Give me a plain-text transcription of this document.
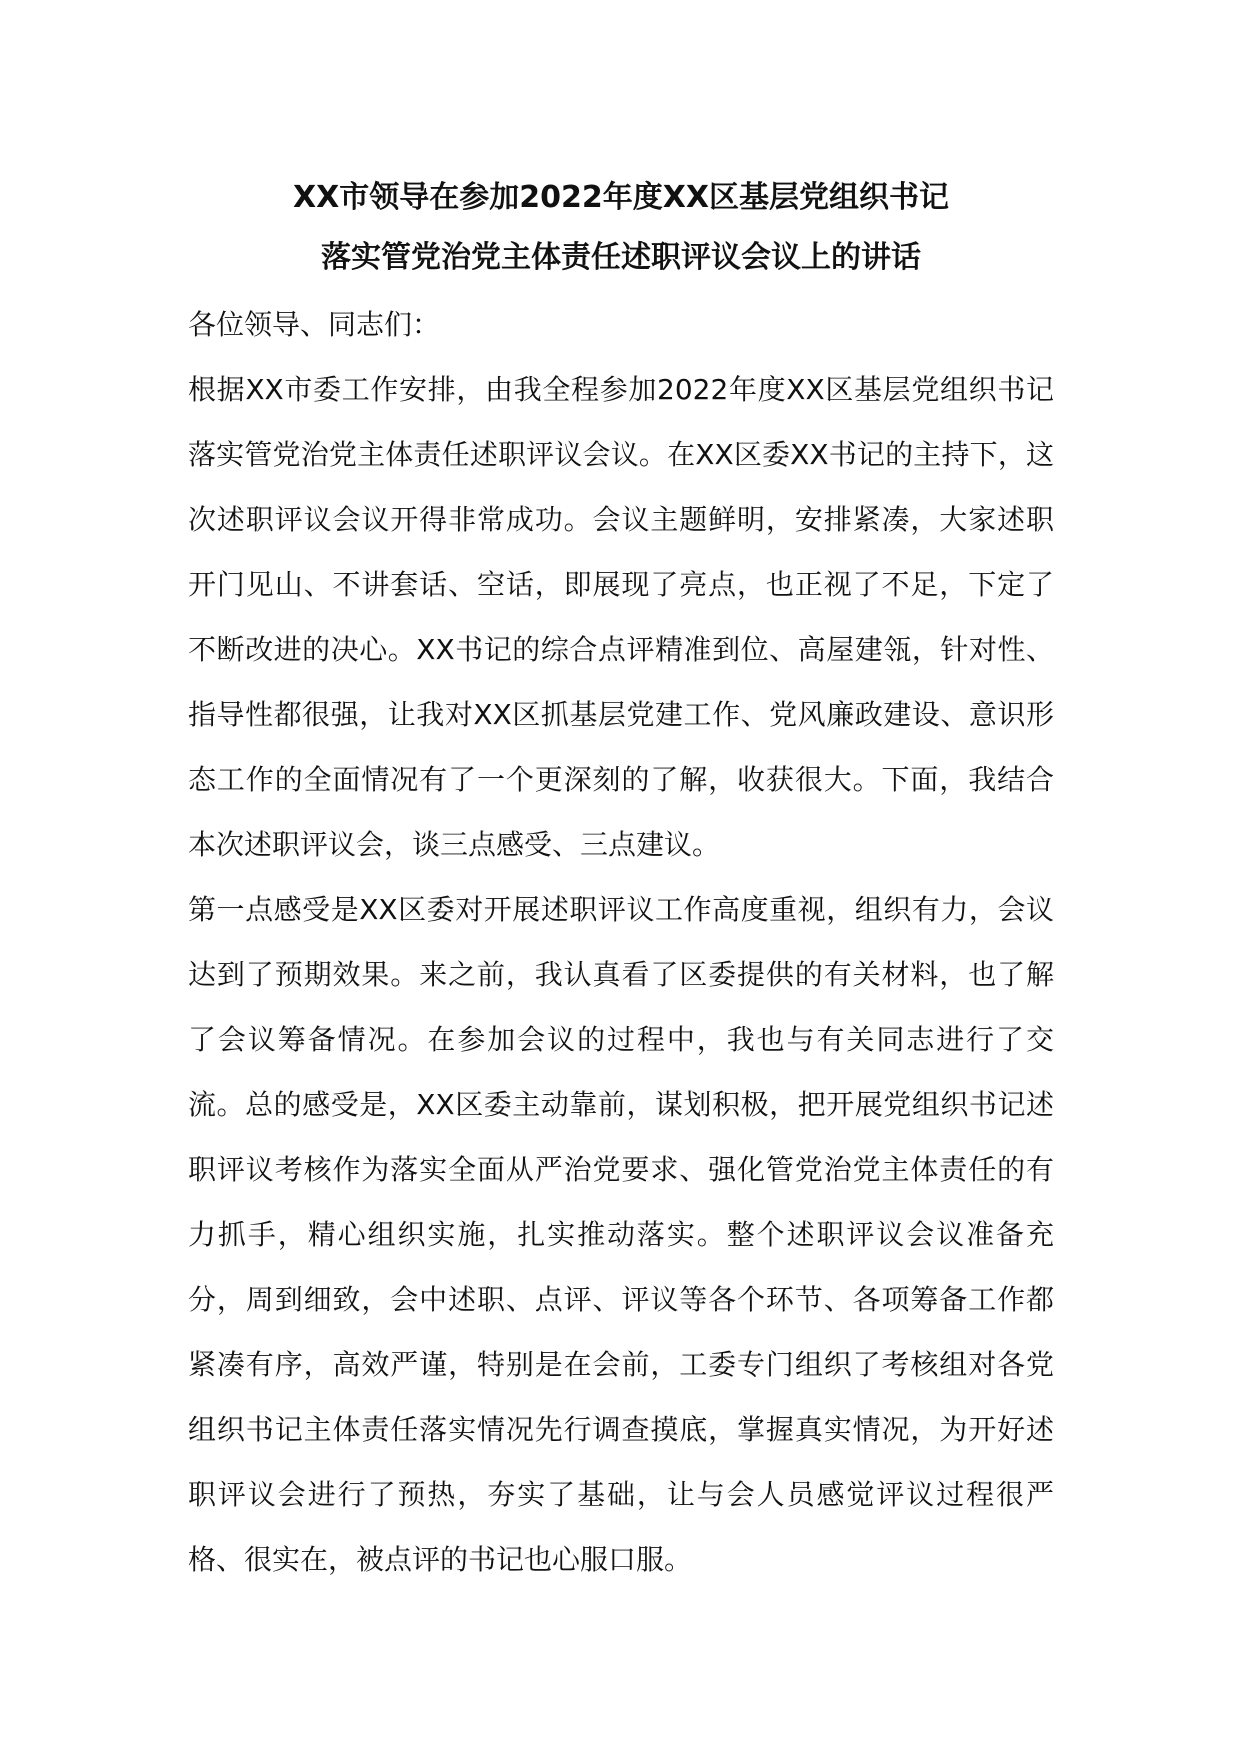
XX市领导在参加2022年度XX区基层党组织书记
落实管党治党主体责任述职评议会议上的讲话

各位领导、同志们：

根据XX市委工作安排，由我全程参加2022年度XX区基层党组织书记落实管党治党主体责任述职评议会议。在XX区委XX书记的主持下，这次述职评议会议开得非常成功。会议主题鲜明，安排紧凑，大家述职开门见山、不讲套话、空话，即展现了亮点，也正视了不足，下定了不断改进的决心。XX书记的综合点评精准到位、高屋建瓴，针对性、指导性都很强，让我对XX区抓基层党建工作、党风廉政建设、意识形态工作的全面情况有了一个更深刻的了解，收获很大。下面，我结合本次述职评议会，谈三点感受、三点建议。

第一点感受是XX区委对开展述职评议工作高度重视，组织有力，会议达到了预期效果。来之前，我认真看了区委提供的有关材料，也了解了会议筹备情况。在参加会议的过程中，我也与有关同志进行了交流。总的感受是，XX区委主动靠前，谋划积极，把开展党组织书记述职评议考核作为落实全面从严治党要求、强化管党治党主体责任的有力抓手，精心组织实施，扎实推动落实。整个述职评议会议准备充分，周到细致，会中述职、点评、评议等各个环节、各项筹备工作都紧凑有序，高效严谨，特别是在会前，工委专门组织了考核组对各党组织书记主体责任落实情况先行调查摸底，掌握真实情况，为开好述职评议会进行了预热，夯实了基础，让与会人员感觉评议过程很严格、很实在，被点评的书记也心服口服。
